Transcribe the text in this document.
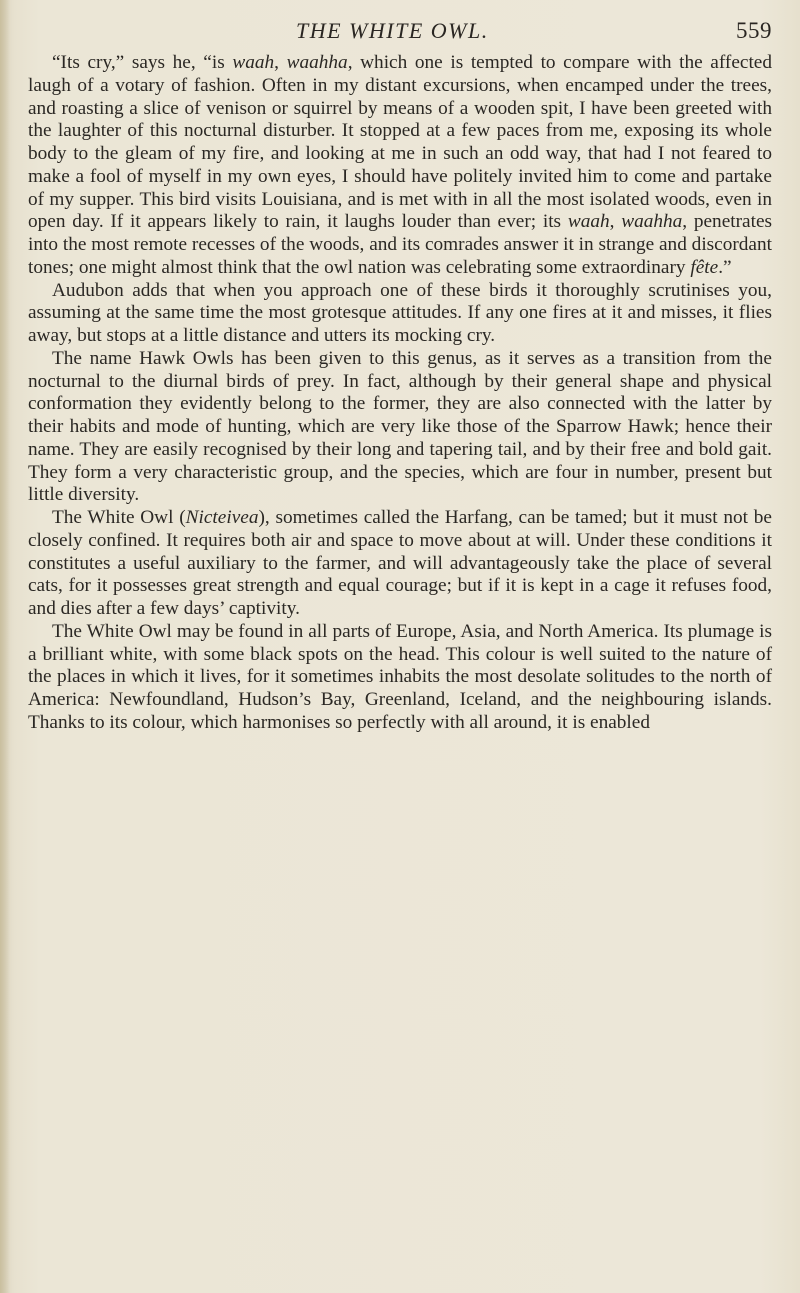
THE WHITE OWL.	559

“Its cry,” says he, “is waah, waahha, which one is tempted to compare with the affected laugh of a votary of fashion. Often in my distant excursions, when encamped under the trees, and roasting a slice of venison or squirrel by means of a wooden spit, I have been greeted with the laughter of this nocturnal disturber. It stopped at a few paces from me, exposing its whole body to the gleam of my fire, and looking at me in such an odd way, that had I not feared to make a fool of myself in my own eyes, I should have politely invited him to come and partake of my supper. This bird visits Louisiana, and is met with in all the most isolated woods, even in open day. If it appears likely to rain, it laughs louder than ever; its waah, waahha, penetrates into the most remote recesses of the woods, and its comrades answer it in strange and discordant tones; one might almost think that the owl nation was celebrating some extraordinary fête.”

Audubon adds that when you approach one of these birds it thoroughly scrutinises you, assuming at the same time the most grotesque attitudes. If any one fires at it and misses, it flies away, but stops at a little distance and utters its mocking cry.

The name Hawk Owls has been given to this genus, as it serves as a transition from the nocturnal to the diurnal birds of prey. In fact, although by their general shape and physical conformation they evidently belong to the former, they are also connected with the latter by their habits and mode of hunting, which are very like those of the Sparrow Hawk; hence their name. They are easily recognised by their long and tapering tail, and by their free and bold gait. They form a very characteristic group, and the species, which are four in number, present but little diversity.

The White Owl (Nicteivea), sometimes called the Harfang, can be tamed; but it must not be closely confined. It requires both air and space to move about at will. Under these conditions it constitutes a useful auxiliary to the farmer, and will advantageously take the place of several cats, for it possesses great strength and equal courage; but if it is kept in a cage it refuses food, and dies after a few days’ captivity.

The White Owl may be found in all parts of Europe, Asia, and North America. Its plumage is a brilliant white, with some black spots on the head. This colour is well suited to the nature of the places in which it lives, for it sometimes inhabits the most desolate solitudes to the north of America: Newfoundland, Hudson’s Bay, Greenland, Iceland, and the neighbouring islands. Thanks to its colour, which harmonises so perfectly with all around, it is enabled
